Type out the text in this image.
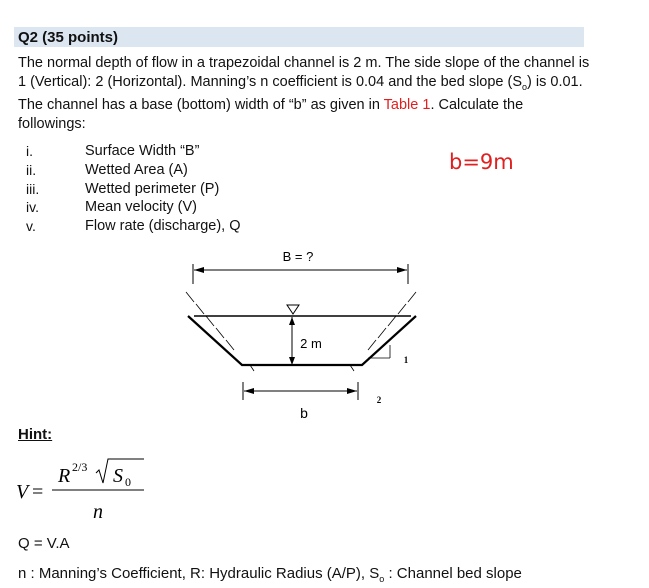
Q2 (35 points)
The normal depth of flow in a trapezoidal channel is 2 m. The side slope of the channel is 1 (Vertical): 2 (Horizontal). Manning’s n coefficient is 0.04 and the bed slope $(S_o)$ is 0.01. The channel has a base (bottom) width of “b” as given in Table 1. Calculate the followings:
i.	Surface Width “B”
ii.	Wetted Area (A)
iii.	Wetted perimeter (P)
iv.	Mean velocity (V)
v.	Flow rate (discharge), Q
b=9m
B = ?
2 m
1
2
b
Hint:
V =
R 2/3 S 0
n
Q = V.A
n : Manning’s Coefficient, R: Hydraulic Radius (A/P), $S_o$ : Channel bed slope
